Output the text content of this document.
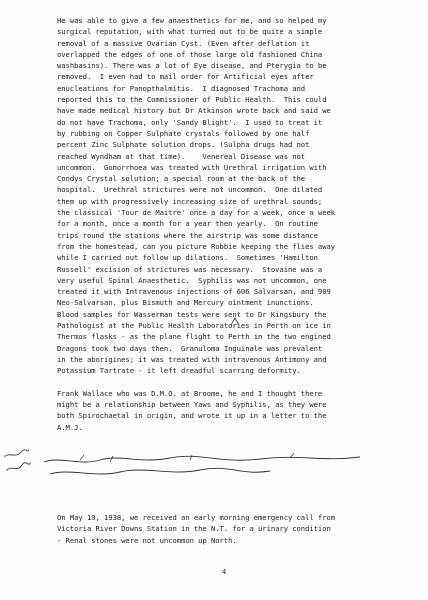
He was able to give a few anaesthetics for me, and so helped my
surgical reputation, with what turned out to be quite a simple
removal of a massive Ovarian Cyst. (Even after deflation it
overlapped the edges of one of those large old fashioned China
washbasins). There was a lot of Eye disease, and Pterygia to be
removed.  I even had to mail order for Artificial eyes after
enucleations for Panopthalmitis.  I diagnosed Trachoma and
reported this to the Commissioner of Public Health.  This could
have made medical history but Dr Atkinson wrote back and said we
do not have Trachoma, only 'Sandy Blight'.  I used to treat it
by rubbing on Copper Sulphate crystals followed by one half
percent Zinc Sulphate solution drops. (Sulpha drugs had not
reached Wyndham at that time).    Venereal Disease was not
uncommon.  Gonorrhoea was treated with Urethral irrigation with
Condys Crystal solution; a special room at the back of the
hospital.  Urethral strictures were not uncommon.  One dilated
them up with progressively increasing size of urethral sounds;
the classical 'Tour de Maitre' once a day for a week, once a week
for a month, once a month for a year then yearly.  On routine
trips round the stations where the airstrip was some distance
from the homestead, can you picture Robbie keeping the flies away
while I carried out follow up dilations.  Sometimes 'Hamilton
Russell' excision of strictures was necessary.  Stovaine was a
very useful Spinal Anaesthetic.  Syphilis was not uncommon, one
treated it with Intravenous injections of 606 Salvarsan, and 909
Neo-Salvarsan, plus Bismuth and Mercury ointment inunctions.
Blood samples for Wasserman tests were sent to Dr Kingsbury the
Pathologist at the Public Health Laboratories in Perth on ice in
Thermos flasks - as the plane flight to Perth in the two engined
Dragons took two days then.  Granuloma Inguinale was prevalent
in the aborigines; it was treated with intravenous Antimony and
Potassium Tartrate - it left dreadful scarring deformity.

Frank Wallace who was D.M.O. at Broome, he and I thought there
might be a relationship between Yaws and Syphilis, as they were
both Spirochaetal in origin, and wrote it up in a letter to the
A.M.J.
On May 19, 1938, we received an early morning emergency call from
Victoria River Downs Station in the N.T. for a urinary condition
- Renal stones were not uncommon up North.
4
